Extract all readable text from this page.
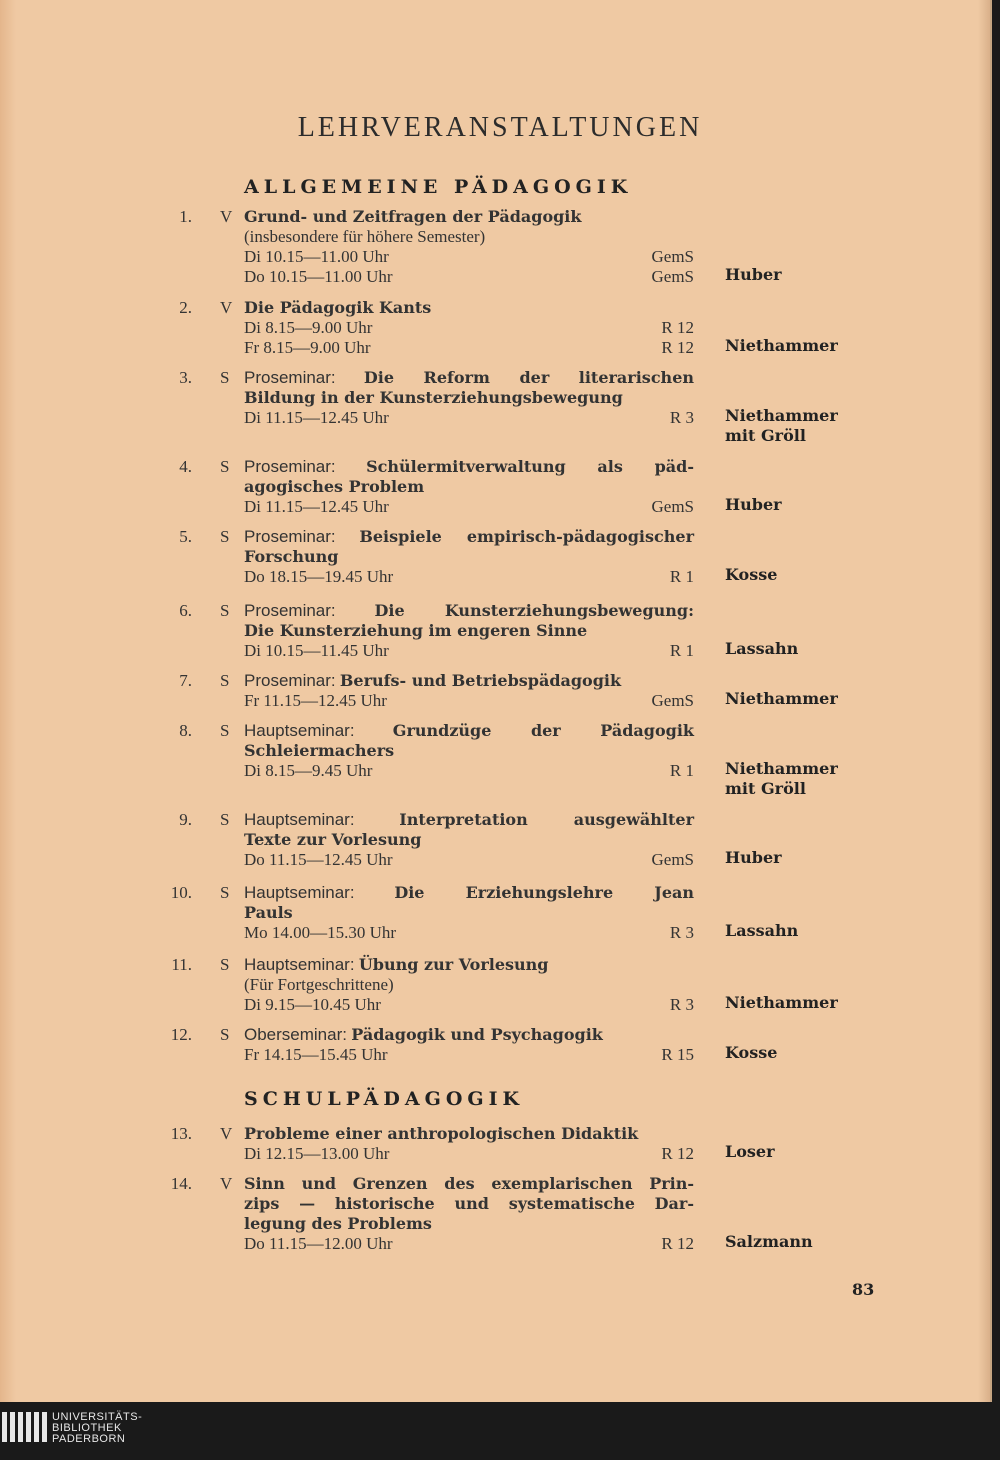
LEHRVERANSTALTUNGEN
ALLGEMEINE PÄDAGOGIK
SCHULPÄDAGOGIK
1. V Grund- und Zeitfragen der Pädagogik
(insbesondere für höhere Semester)
Di 10.15—11.00 Uhr	GemS
Do 10.15—11.00 Uhr	GemS Huber
2. V Die Pädagogik Kants
Di 8.15—9.00 Uhr	R 12
Fr 8.15—9.00 Uhr	R 12 Niethammer
3. S Proseminar: Die Reform der literarischen
Bildung in der Kunsterziehungsbewegung
Di 11.15—12.45 Uhr	R 3 Niethammer
mit Gröll
4. S Proseminar: Schülermitverwaltung als päd-
agogisches Problem
Di 11.15—12.45 Uhr	GemS Huber
5. S Proseminar: Beispiele empirisch-pädagogischer
Forschung
Do 18.15—19.45 Uhr	R 1 Kosse
6. S Proseminar: Die Kunsterziehungsbewegung:
Die Kunsterziehung im engeren Sinne
Di 10.15—11.45 Uhr	R 1 Lassahn
7. S Proseminar: Berufs- und Betriebspädagogik
Fr 11.15—12.45 Uhr	GemS Niethammer
8. S Hauptseminar: Grundzüge der Pädagogik
Schleiermachers
Di 8.15—9.45 Uhr	R 1 Niethammer
mit Gröll
9. S Hauptseminar:	Interpretation ausgewählter
Texte zur Vorlesung
Do 11.15—12.45 Uhr	GemS Huber
10. S Hauptseminar: Die Erziehungslehre Jean
Pauls
Mo 14.00—15.30 Uhr	R 3 Lassahn
11. S Hauptseminar: Übung zur Vorlesung
(Für Fortgeschrittene)
Di 9.15—10.45 Uhr	R 3 Niethammer
12. S Oberseminar: Pädagogik und Psychagogik
Fr 14.15—15.45 Uhr	R 15 Kosse
13. V Probleme einer anthropologischen Didaktik
Di 12.15—13.00 Uhr	R 12 Loser
14. V Sinn und Grenzen des exemplarischen Prin-
zips — historische und systematische Dar-
legung des Problems
Do 11.15—12.00 Uhr	R 12 Salzmann
83
UNIVERSITÄTS-
BIBLIOTHEK
PADERBORN
